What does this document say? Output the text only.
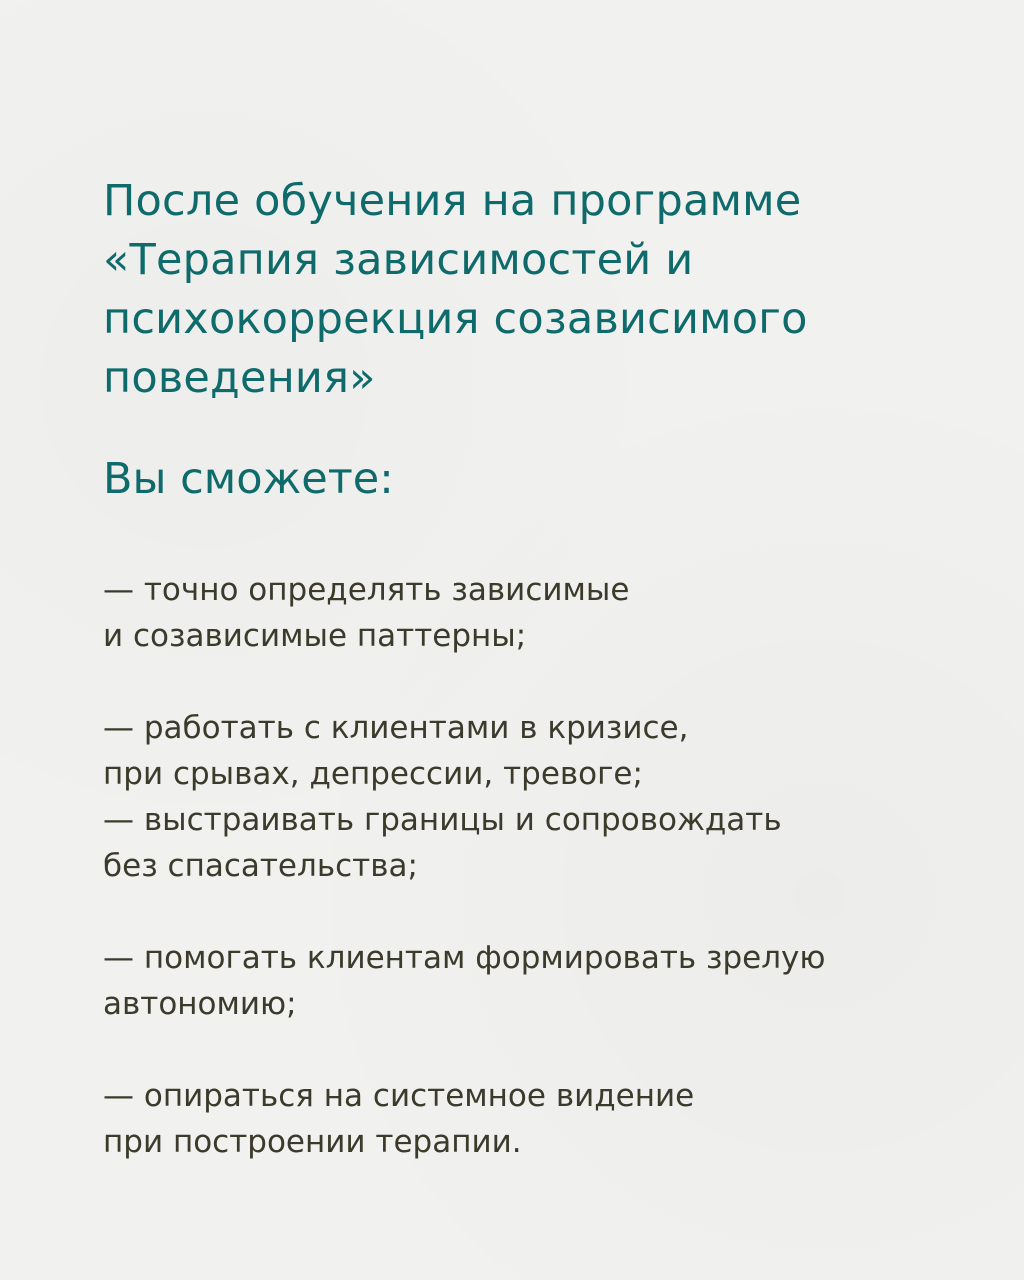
После обучения на программе
«Терапия зависимостей и
психокоррекция созависимого
поведения»
Вы сможете:
— точно определять зависимые
и созависимые паттерны;
— работать с клиентами в кризисе,
при срывах, депрессии, тревоге;
— выстраивать границы и сопровождать
без спасательства;
— помогать клиентам формировать зрелую
автономию;
— опираться на системное видение
при построении терапии.
